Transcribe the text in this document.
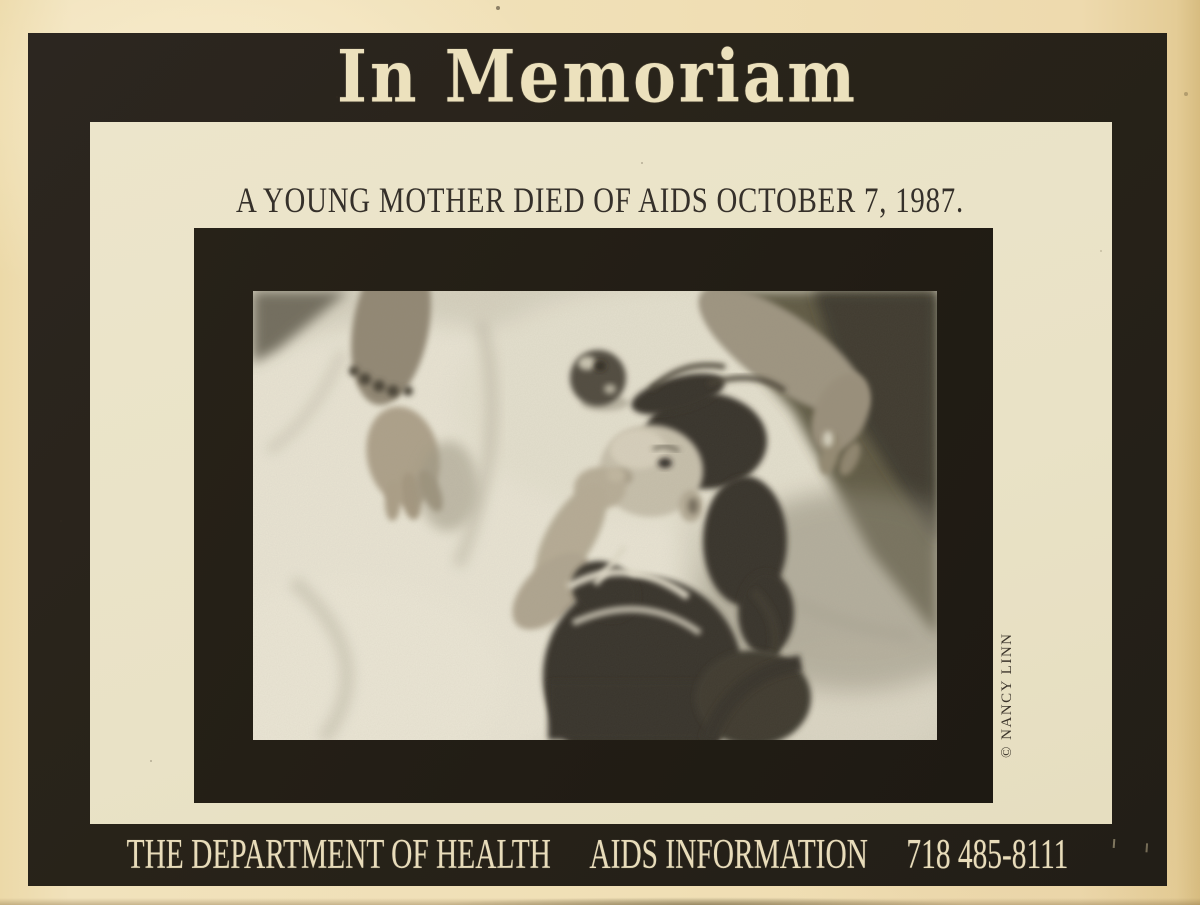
In Memoriam
A YOUNG MOTHER DIED OF AIDS OCTOBER 7, 1987.
© NANCY LINN
THE DEPARTMENT OF HEALTH AIDS INFORMATION 718 485-8111
